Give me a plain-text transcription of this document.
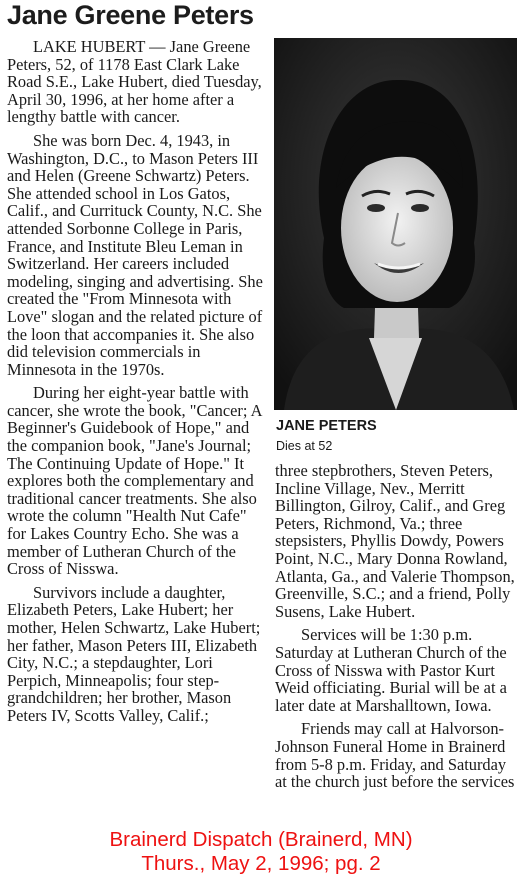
Jane Greene Peters

LAKE HUBERT — Jane Greene Peters, 52, of 1178 East Clark Lake Road S.E., Lake Hubert, died Tuesday, April 30, 1996, at her home after a lengthy battle with cancer.

She was born Dec. 4, 1943, in Washington, D.C., to Mason Peters III and Helen (Greene Schwartz) Peters. She attended school in Los Gatos, Calif., and Currituck County, N.C. She attended Sorbonne College in Paris, France, and Institute Bleu Leman in Switzerland. Her careers included modeling, singing and advertising. She created the "From Minnesota with Love" slogan and the related picture of the loon that accompanies it. She also did television commercials in Minnesota in the 1970s.

During her eight-year battle with cancer, she wrote the book, "Cancer; A Beginner's Guidebook of Hope," and the companion book, "Jane's Journal; The Continuing Update of Hope." It explores both the complementary and traditional cancer treatments. She also wrote the column "Health Nut Cafe" for Lakes Country Echo. She was a member of Lutheran Church of the Cross of Nisswa.

Survivors include a daughter, Elizabeth Peters, Lake Hubert; her mother, Helen Schwartz, Lake Hubert; her father, Mason Peters III, Elizabeth City, N.C.; a stepdaughter, Lori Perpich, Minneapolis; four step-grandchildren; her brother, Mason Peters IV, Scotts Valley, Calif.;

JANE PETERS

Dies at 52

three stepbrothers, Steven Peters, Incline Village, Nev., Merritt Billington, Gilroy, Calif., and Greg Peters, Richmond, Va.; three stepsisters, Phyllis Dowdy, Powers Point, N.C., Mary Donna Rowland, Atlanta, Ga., and Valerie Thompson, Greenville, S.C.; and a friend, Polly Susens, Lake Hubert.

Services will be 1:30 p.m. Saturday at Lutheran Church of the Cross of Nisswa with Pastor Kurt Weid officiating. Burial will be at a later date at Marshalltown, Iowa.

Friends may call at Halvorson-Johnson Funeral Home in Brainerd from 5-8 p.m. Friday, and Saturday at the church just before the services

Brainerd Dispatch (Brainerd, MN)
Thurs., May 2, 1996; pg. 2
